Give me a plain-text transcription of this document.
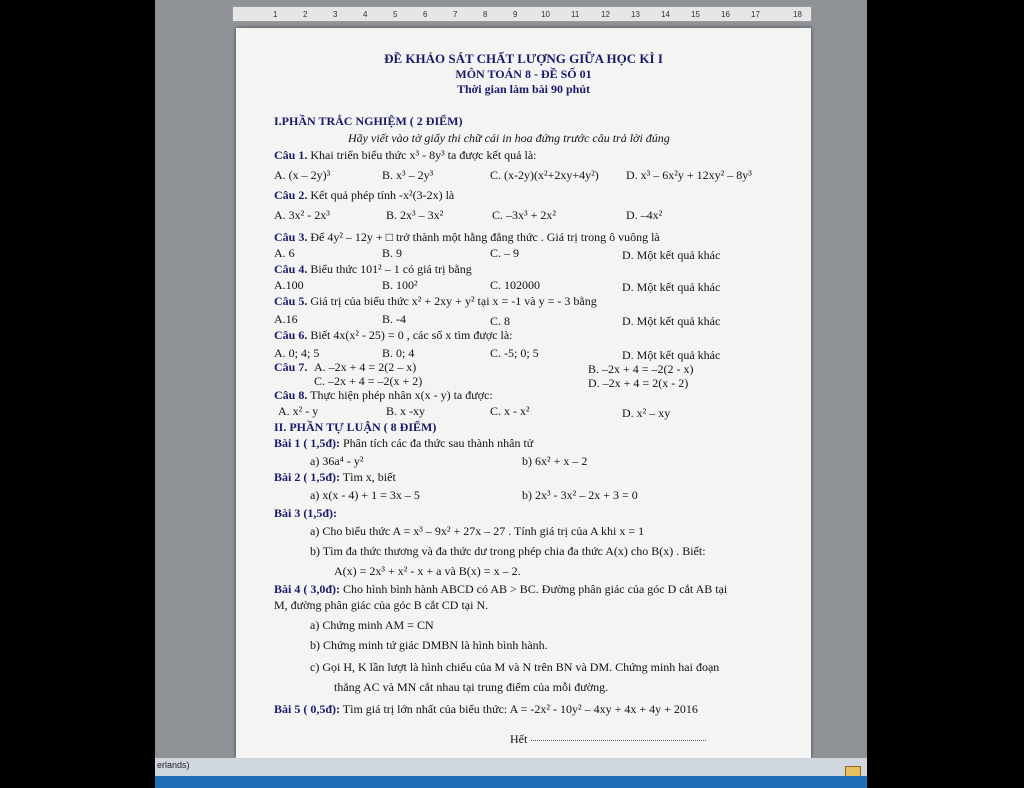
1	2	3	4	5	6	7	8	9	10	11	12	13	14	15	16	17	18
ĐỀ KHẢO SÁT CHẤT LƯỢNG GIỮA HỌC KÌ I
MÔN TOÁN 8 - ĐỀ SỐ 01
Thời gian làm bài 90 phút
I.PHẦN TRẮC NGHIỆM ( 2 ĐIỂM)
Hãy viết vào tờ giấy thi chữ cái in hoa đứng trước câu trả lời đúng
Câu 1. Khai triển biểu thức x³ - 8y³ ta được kết quả là:
A. (x – 2y)³	B. x³ – 2y³	C. (x-2y)(x²+2xy+4y²) D. x³ – 6x²y + 12xy² – 8y³
Câu 2. Kết quả phép tính -x²(3-2x) là
A. 3x² - 2x³	B. 2x³ – 3x²	C. –3x³ + 2x²	D. –4x²
Câu 3. Để 4y² – 12y + □ trở thành một hằng đẳng thức . Giá trị trong ô vuông là
A. 6	B. 9	C. – 9	D. Một kết quả khác
Câu 4. Biểu thức 101² – 1 có giá trị bằng
A.100	B. 100²	C. 102000	D. Một kết quả khác
Câu 5. Giá trị của biểu thức x² + 2xy + y² tại x = -1 và y = - 3 bằng
A.16	B. -4	C. 8	D. Một kết quả khác
Câu 6. Biết 4x(x² - 25) = 0 , các số x tìm được là:
A. 0; 4; 5	B. 0; 4	C. -5; 0; 5	D. Một kết quả khác
Câu 7. A. –2x + 4 = 2(2 – x)	B. –2x + 4 = –2(2 - x)
C. –2x + 4 = –2(x + 2)	D. –2x + 4 = 2(x - 2)
Câu 8. Thực hiện phép nhân x(x - y) ta được:
A. x² - y	B. x -xy	C. x - x²	D. x² – xy
II. PHẦN TỰ LUẬN ( 8 ĐIỂM)
Bài 1 ( 1,5đ): Phân tích các đa thức sau thành nhân tử
a) 36a⁴ - y²	b) 6x² + x – 2
Bài 2 ( 1,5đ): Tìm x, biết
a) x(x - 4) + 1 = 3x – 5	b) 2x³ - 3x² – 2x + 3 = 0
Bài 3 (1,5đ):
a) Cho biểu thức A = x³ – 9x² + 27x – 27 . Tính giá trị của A khi x = 1
b) Tìm đa thức thương và đa thức dư trong phép chia đa thức A(x) cho B(x) . Biết:
A(x) = 2x³ + x² - x + a và B(x) = x – 2.
Bài 4 ( 3,0đ): Cho hình bình hành ABCD có AB > BC. Đường phân giác của góc D cắt AB tại
M, đường phân giác của góc B cắt CD tại N.
a) Chứng minh AM = CN
b) Chứng minh tứ giác DMBN là hình bình hành.
c) Gọi H, K lần lượt là hình chiếu của M và N trên BN và DM. Chứng minh hai đoạn
thẳng AC và MN cắt nhau tại trung điểm của mỗi đường.
Bài 5 ( 0,5đ): Tìm giá trị lớn nhất của biểu thức: A = -2x² - 10y² – 4xy + 4x + 4y + 2016
Hết
erlands)
